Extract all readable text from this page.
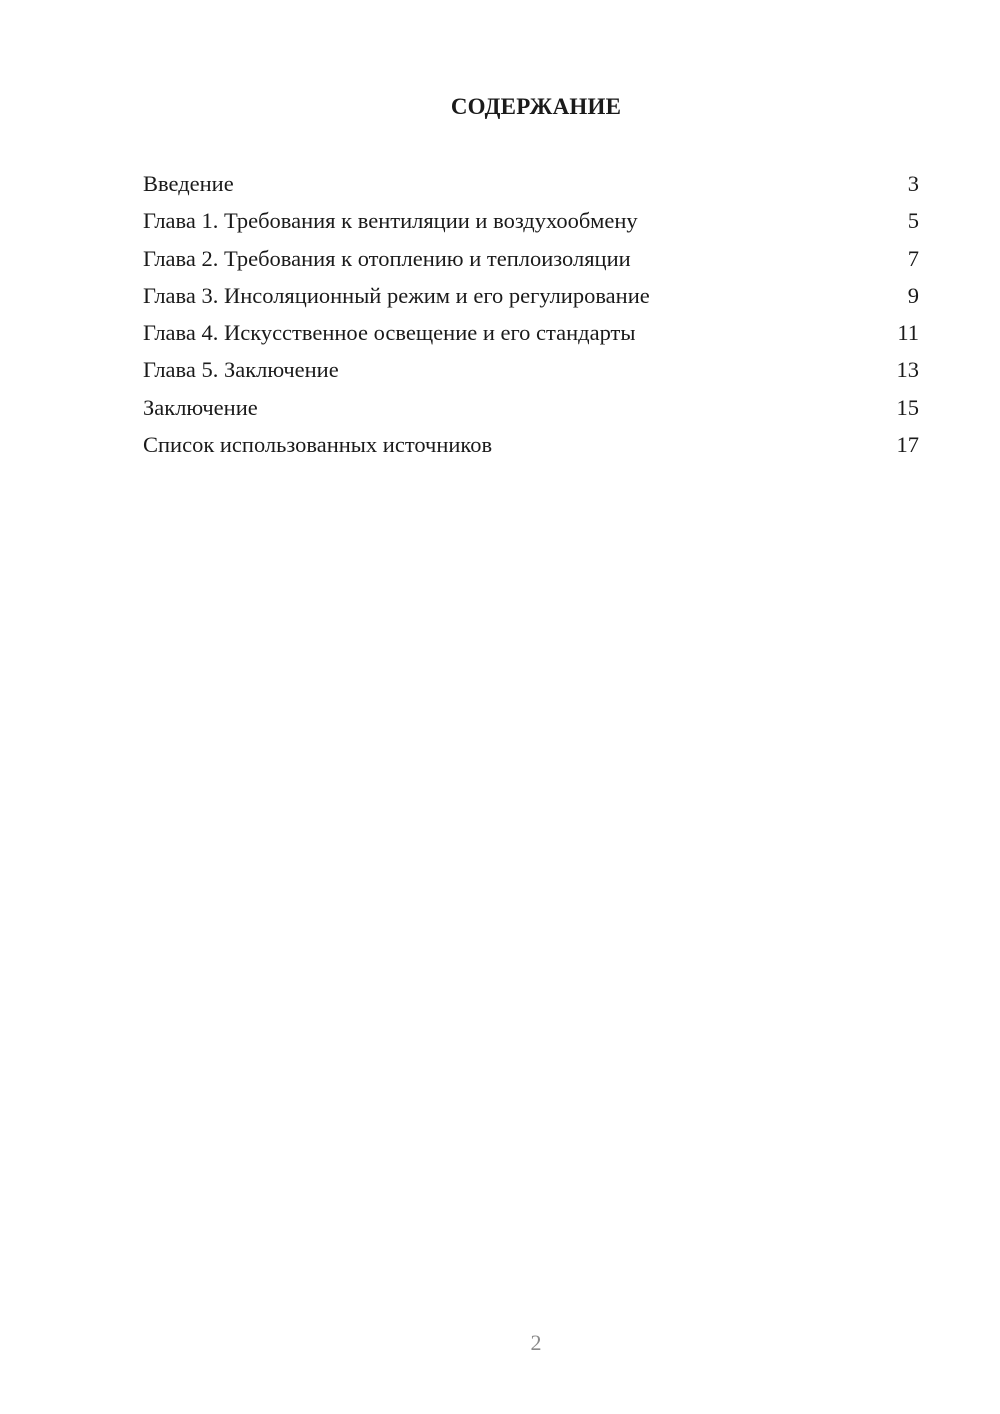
СОДЕРЖАНИЕ
Введение	3
Глава 1. Требования к вентиляции и воздухообмену	5
Глава 2. Требования к отоплению и теплоизоляции	7
Глава 3. Инсоляционный режим и его регулирование	9
Глава 4. Искусственное освещение и его стандарты	11
Глава 5. Заключение	13
Заключение	15
Список использованных источников	17

2
